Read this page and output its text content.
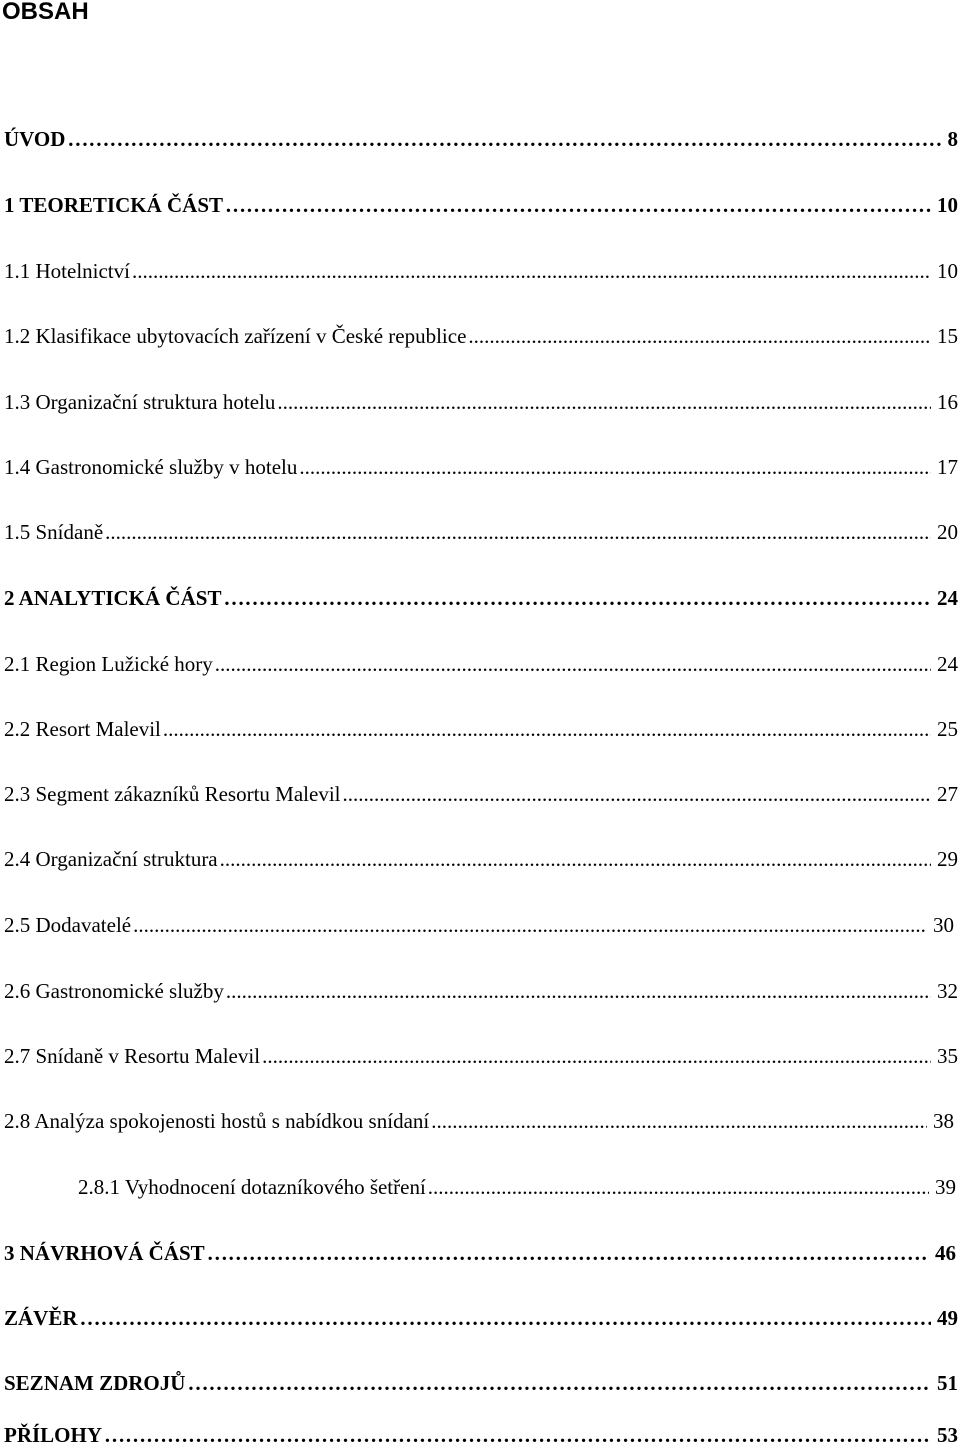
OBSAH
ÚVOD …………………………………………………………………………………………………………………………………………………………………………………………………………………	8
1 TEORETICKÁ ČÁST …………………………………………………………………………………………………………………………………………………………………………………………………………………	10
1.1 Hotelnictví .....	10
1.2 Klasifikace ubytovacích zařízení v České republice .....	15
1.3 Organizační struktura hotelu .....	16
1.4 Gastronomické služby v hotelu .....	17
1.5 Snídaně .....	20
2 ANALYTICKÁ ČÁST …………………………………………………………………………………………………………………………………………………………………………………………………………………	24
2.1 Region Lužické hory .....	24
2.2 Resort Malevil .....	25
2.3 Segment zákazníků Resortu Malevil .....	27
2.4 Organizační struktura .....	29
2.5 Dodavatelé .....	30
2.6 Gastronomické služby .....	32
2.7 Snídaně v Resortu Malevil .....	35
2.8 Analýza spokojenosti hostů s nabídkou snídaní .....	38
2.8.1 Vyhodnocení dotazníkového šetření .....	39
3 NÁVRHOVÁ ČÁST …………………………………………………………………………………………………………………………………………………………………………………………………………………	46
ZÁVĚR …………………………………………………………………………………………………………………………………………………………………………………………………………………	49
SEZNAM ZDROJŮ …………………………………………………………………………………………………………………………………………………………………………………………………………………	51
PŘÍLOHY …………………………………………………………………………………………………………………………………………………………………………………………………………………	53
